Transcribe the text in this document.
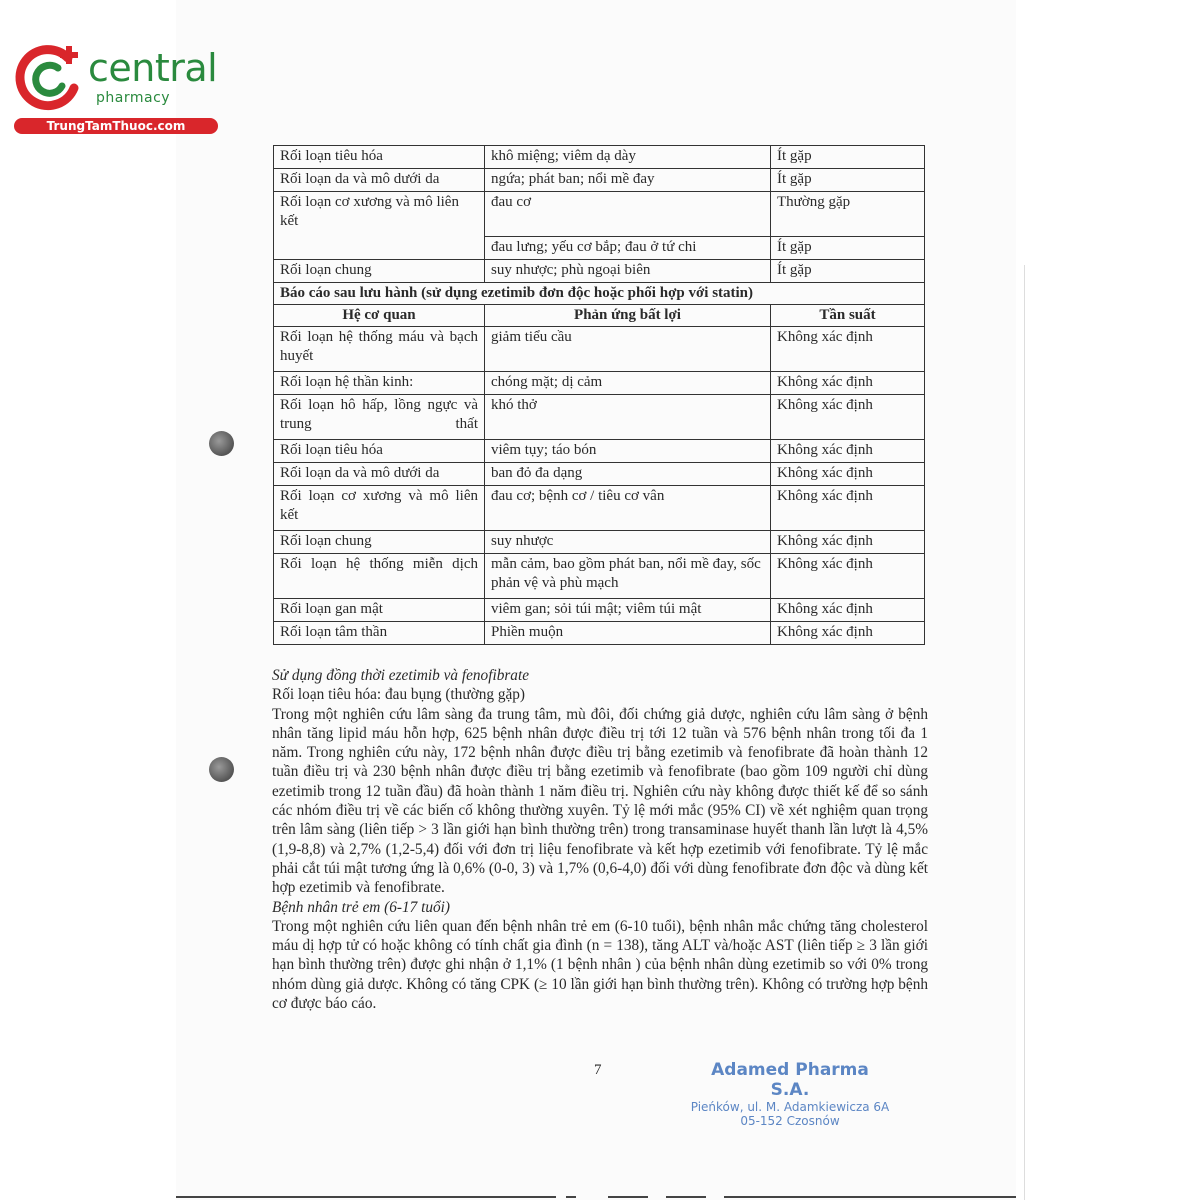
central
pharmacy
TrungTamThuoc.com
Rối loạn tiêu hóa	khô miệng; viêm dạ dày	Ít gặp
Rối loạn da và mô dưới da	ngứa; phát ban; nổi mề đay	Ít gặp
Rối loạn cơ xương và mô liên kết	đau cơ	Thường gặp
	đau lưng; yếu cơ bắp; đau ở tứ chi	Ít gặp
Rối loạn chung	suy nhược; phù ngoại biên	Ít gặp
Báo cáo sau lưu hành (sử dụng ezetimib đơn độc hoặc phối hợp với statin)		
Hệ cơ quan	Phản ứng bất lợi	Tần suất
Rối loạn hệ thống máu và bạch huyết	giảm tiểu cầu	Không xác định
Rối loạn hệ thần kinh:	chóng mặt; dị cảm	Không xác định
Rối loạn hô hấp, lồng ngực và trung thất	khó thở	Không xác định
Rối loạn tiêu hóa	viêm tụy; táo bón	Không xác định
Rối loạn da và mô dưới da	ban đỏ đa dạng	Không xác định
Rối loạn cơ xương và mô liên kết	đau cơ; bệnh cơ / tiêu cơ vân	Không xác định
Rối loạn chung	suy nhược	Không xác định
Rối loạn hệ thống miễn dịch	mẫn cảm, bao gồm phát ban, nổi mề đay, sốc phản vệ và phù mạch	Không xác định
Rối loạn gan mật	viêm gan; sỏi túi mật; viêm túi mật	Không xác định
Rối loạn tâm thần	Phiền muộn	Không xác định

Sử dụng đồng thời ezetimib và fenofibrate

Rối loạn tiêu hóa: đau bụng (thường gặp)

Trong một nghiên cứu lâm sàng đa trung tâm, mù đôi, đối chứng giả dược, nghiên cứu lâm sàng ở bệnh nhân tăng lipid máu hỗn hợp, 625 bệnh nhân được điều trị tới 12 tuần và 576 bệnh nhân trong tối đa 1 năm. Trong nghiên cứu này, 172 bệnh nhân được điều trị bằng ezetimib và fenofibrate đã hoàn thành 12 tuần điều trị và 230 bệnh nhân được điều trị bằng ezetimib và fenofibrate (bao gồm 109 người chỉ dùng ezetimib trong 12 tuần đầu) đã hoàn thành 1 năm điều trị. Nghiên cứu này không được thiết kế để so sánh các nhóm điều trị về các biến cố không thường xuyên. Tỷ lệ mới mắc (95% CI) về xét nghiệm quan trọng trên lâm sàng (liên tiếp > 3 lần giới hạn bình thường trên) trong transaminase huyết thanh lần lượt là 4,5% (1,9-8,8) và 2,7% (1,2-5,4) đối với đơn trị liệu fenofibrate và kết hợp ezetimib với fenofibrate. Tỷ lệ mắc phải cắt túi mật tương ứng là 0,6% (0-0, 3) và 1,7% (0,6-4,0) đối với dùng fenofibrate đơn độc và dùng kết hợp ezetimib và fenofibrate.

Bệnh nhân trẻ em (6-17 tuổi)

Trong một nghiên cứu liên quan đến bệnh nhân trẻ em (6-10 tuổi), bệnh nhân mắc chứng tăng cholesterol máu dị hợp tử có hoặc không có tính chất gia đình (n = 138), tăng ALT và/hoặc AST (liên tiếp ≥ 3 lần giới hạn bình thường trên) được ghi nhận ở 1,1% (1 bệnh nhân ) của bệnh nhân dùng ezetimib so với 0% trong nhóm dùng giả dược. Không có tăng CPK (≥ 10 lần giới hạn bình thường trên). Không có trường hợp bệnh cơ được báo cáo.

7	Adamed Pharma S.A.
Pieńków, ul. M. Adamkiewicza 6A
05-152 Czosnów
